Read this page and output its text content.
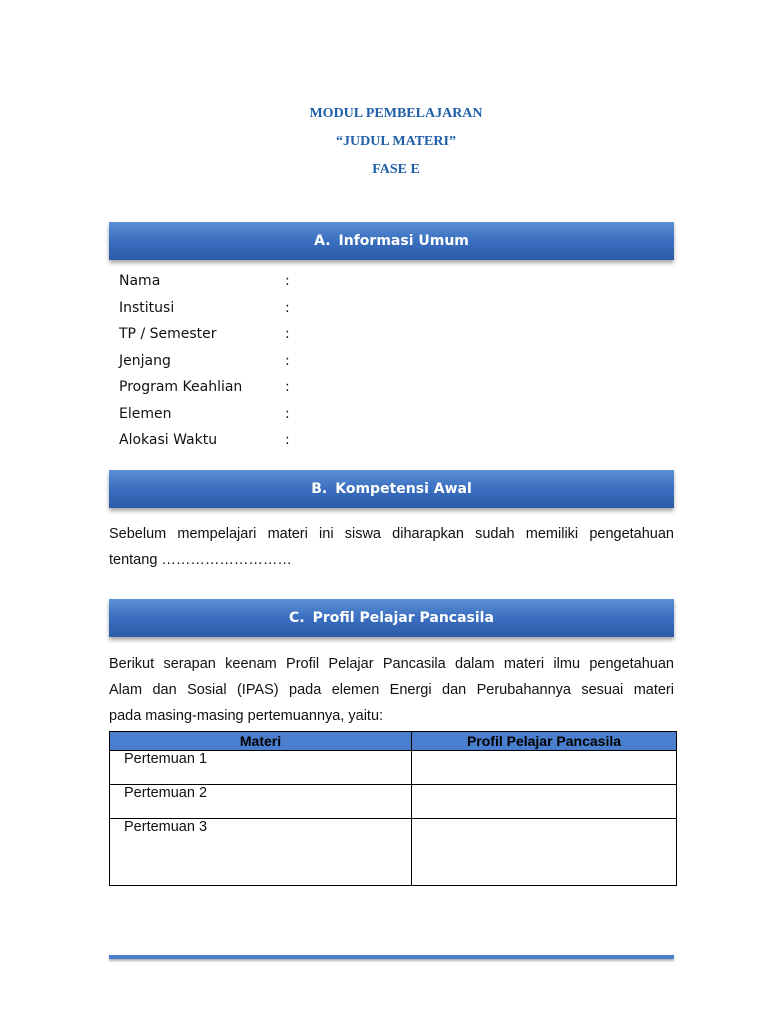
MODUL PEMBELAJARAN
“JUDUL MATERI”
FASE E
A. Informasi Umum
Nama	:
Institusi	:
TP / Semester	:
Jenjang	:
Program Keahlian	:
Elemen	:
Alokasi Waktu	:
B. Kompetensi Awal
Sebelum mempelajari materi ini siswa diharapkan sudah memiliki pengetahuan
tentang ………………………
C. Profil Pelajar Pancasila
Berikut serapan keenam Profil Pelajar Pancasila dalam materi ilmu pengetahuan
Alam dan Sosial (IPAS) pada elemen Energi dan Perubahannya sesuai materi
pada masing-masing pertemuannya, yaitu:
Materi	Profil Pelajar Pancasila
Pertemuan 1	
Pertemuan 2	
Pertemuan 3	
